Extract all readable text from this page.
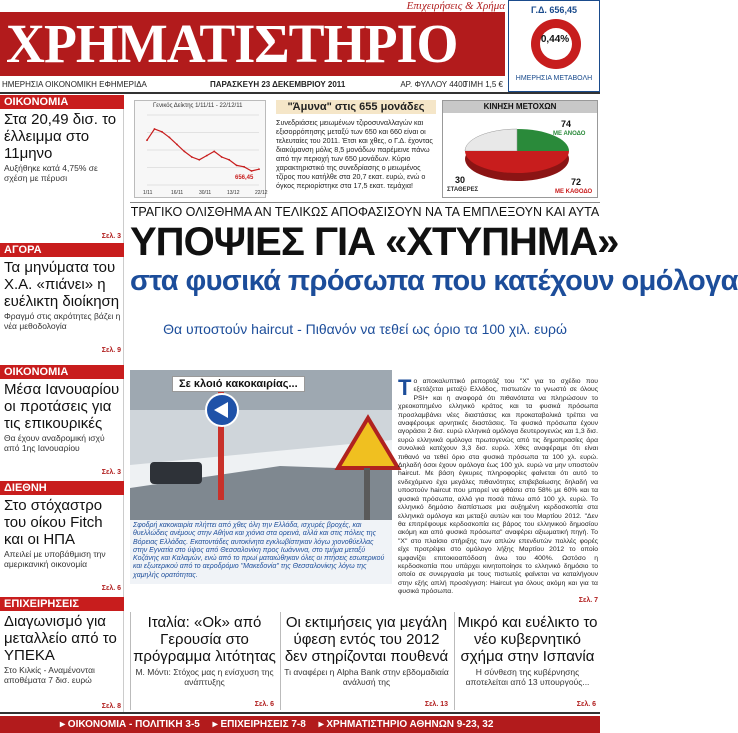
Επιχειρήσεις & Χρήμα
ΧΡΗΜΑΤΙΣΤΗΡΙΟ
Γ.Δ. 656,45
0,44%
ΗΜΕΡΗΣΙΑ ΜΕΤΑΒΟΛΗ
ΗΜΕΡΗΣΙΑ ΟΙΚΟΝΟΜΙΚΗ ΕΦΗΜΕΡΙΔΑ	ΠΑΡΑΣΚΕΥΗ 23 ΔΕΚΕΜΒΡΙΟΥ 2011	ΑΡ. ΦΥΛΛΟΥ 4400
ΤΙΜΗ 1,5 €
ΟΙΚΟΝΟΜΙΑ
Στα 20,49 δισ. το έλλειμμα στο 11μηνο
Αυξήθηκε κατά 4,75% σε σχέση με πέρυσι
Σελ. 3
ΑΓΟΡΑ
Τα μηνύματα του Χ.Α. «πιάνει» η ευέλικτη διοίκηση
Φραγμό στις ακρότητες βάζει η νέα μεθοδολογία
Σελ. 9
ΟΙΚΟΝΟΜΙΑ
Μέσα Ιανουαρίου οι προτάσεις για τις επικουρικές
Θα έχουν αναδρομική ισχύ από 1ης Ιανουαρίου
Σελ. 3
ΔΙΕΘΝΗ
Στο στόχαστρο του οίκου Fitch και οι ΗΠΑ
Απειλεί με υποβάθμιση την αμερικανική οικονομία
Σελ. 6
ΕΠΙΧΕΙΡΗΣΕΙΣ
Διαγωνισμό για μεταλλείο από το ΥΠΕΚΑ
Στο Κιλκίς - Αναμένονται αποθέματα 7 δισ. ευρώ
Σελ. 8
Γενικός Δείκτης 1/11/11 - 22/12/11
656,45
1/11	16/11	30/11	13/12	22/12
"Άμυνα" στις 655 μονάδες
Συνεδριάσεις μειωμένων τζιροσυναλλαγών και εξισορρόπησης μεταξύ των 650 και 660 είναι οι τελευταίες του 2011. Έτσι και χθες, ο Γ.Δ. έχοντας διακύμανση μόλις 8,5 μονάδων παρέμεινε πάνω από την περιοχή των 650 μονάδων. Κύριο χαρακτηριστικό της συνεδρίασης ο μειωμένος τζίρος που κατήλθε στα 20,7 εκατ. ευρώ, ενώ ο όγκος περιορίστηκε στα 17,5 εκατ. τεμάχια!
ΚΙΝΗΣΗ ΜΕΤΟΧΩΝ
74
ΜΕ ΑΝΟΔΟ
30
ΣΤΑΘΕΡΕΣ
72
ΜΕ ΚΑΘΟΔΟ
ΤΡΑΓΙΚΟ ΟΛΙΣΘΗΜΑ ΑΝ ΤΕΛΙΚΩΣ ΑΠΟΦΑΣΙΣΟΥΝ ΝΑ ΤΑ ΕΜΠΛΕΞΟΥΝ ΚΑΙ ΑΥΤΑ
ΥΠΟΨΙΕΣ ΓΙΑ «ΧΤΥΠΗΜΑ»
στα φυσικά πρόσωπα που κατέχουν ομόλογα
Θα υποστούν haircut - Πιθανόν να τεθεί ως όριο τα 100 χιλ. ευρώ
Σε κλοιό κακοκαιρίας...
Σφοδρή κακοκαιρία πλήττει από χθες όλη την Ελλάδα, ισχυρές βροχές, και θυελλώδεις ανέμους στην Αθήνα και χιόνια στα ορεινά, αλλά και στις πόλεις της Βόρειας Ελλάδας. Εκατοντάδες αυτοκίνητα εγκλωβίστηκαν λόγω χιονοθύελλας στην Εγνατία στο ύψος από Θεσσαλονίκη προς Ιωάννινα, στο τμήμα μεταξύ Κοζάνης και Καλαμών, ενώ από το πρωί ματαιώθηκαν όλες οι πτήσεις εσωτερικού και εξωτερικού από το αεροδρόμιο "Μακεδονία" της Θεσσαλονίκης λόγω της χαμηλής ορατότητας.
Το αποκαλυπτικό ρεπορτάζ του "Χ" για το σχέδιο που εξετάζεται μεταξύ Ελλάδος, πιστωτών το γνωστό σε όλους PSI+ και η αναφορά ότι πιθανότατα να πληρώσουν το χρεοκοπημένο ελληνικό κράτος και τα φυσικά πρόσωπα προσλαμβάνει νέες διαστάσεις και προκαταβολικά τρέπει να αναφέρουμε αρνητικές διαστάσεις. Τα φυσικά πρόσωπα έχουν αγοράσει 2 δισ. ευρώ ελληνικά ομόλογα δευτερογενώς και 1,3 δισ. ευρώ ελληνικά ομόλογα πρωτογενώς από τις δημοπρασίες άρα συνολικά κατέχουν 3,3 δισ. ευρώ. Χθες αναφέραμε ότι είναι πιθανό να τεθεί όριο στα φυσικά πρόσωπα τα 100 χλ. ευρώ. Δηλαδή όσοι έχουν ομόλογα έως 100 χιλ. ευρώ να μην υποστούν haircut. Με βάση έγκυρες πληροφορίες φαίνεται ότι αυτό το ενδεχόμενο έχει μεγάλες πιθανότητες επιβεβαίωσης δηλαδή να υποστούν haircut που μπορεί να φθάσει στο 58% με 60% και τα φυσικά πρόσωπα, αλλά για ποσά πάνω από 100 χλ. ευρώ. Το ελληνικό δημόσιο διαπίστωσε μια αυξημένη κερδοσκοπία στα ελληνικά ομόλογα και μεταξύ αυτών και του Μαρτίου 2012. "Δεν θα επιτρέψουμε κερδοσκοπία εις βάρος του ελληνικού δημοσίου ακόμη και από φυσικά πρόσωπα" αναφέρει αξιωματική πηγή. Το "Χ" στο πλαίσιο στήριξης των απλών επενδυτών πολλές φορές είχε προτρέψει στο ομόλογο λήξης Μαρτίου 2012 το οποίο εμφανίζει επιτοκιοαπόδοση άνω του 400%. Ωστόσο η κερδοσκοπία που υπάρχει κινητοποίησε το ελληνικό δημόσιο το οποίο σε συνεργασία με τους πιστωτές φαίνεται να καταλήγουν στην εξής απλή προσέγγιση: Haircut για όλους ακόμη και για τα φυσικά πρόσωπα.
Σελ. 7
Ιταλία: «Ok» από Γερουσία στο πρόγραμμα λιτότητας
Μ. Μόντι: Στόχος μας η ενίσχυση της ανάπτυξης
Σελ. 6
Οι εκτιμήσεις για μεγάλη ύφεση εντός του 2012 δεν στηρίζονται πουθενά
Τι αναφέρει η Alpha Bank στην εβδομαδιαία ανάλυσή της
Σελ. 13
Μικρό και ευέλικτο το νέο κυβερνητικό σχήμα στην Ισπανία
Η σύνθεση της κυβέρνησης αποτελείται από 13 υπουργούς...
Σελ. 6
▸ ΟΙΚΟΝΟΜΙΑ - ΠΟΛΙΤΙΚΗ 3-5 ▸ ΕΠΙΧΕΙΡΗΣΕΙΣ 7-8 ▸ ΧΡΗΜΑΤΙΣΤΗΡΙΟ ΑΘΗΝΩΝ 9-23, 32
